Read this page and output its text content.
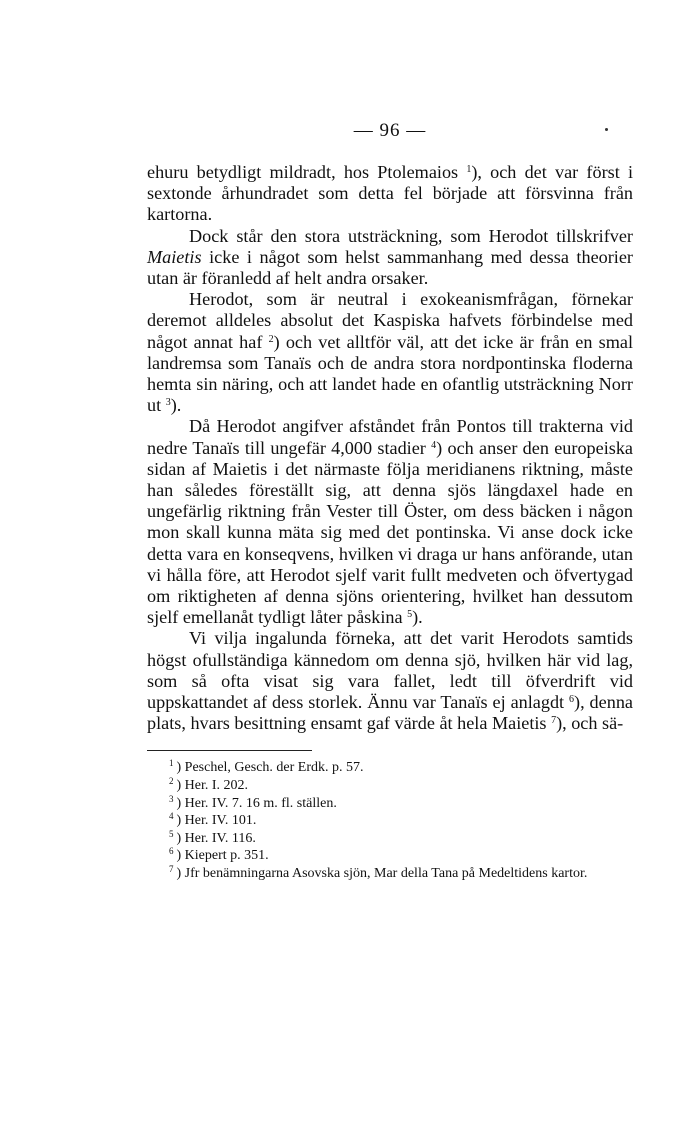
— 96 —

ehuru betydligt mildradt, hos Ptolemaios $^1$), och det var först i sextonde århundradet som detta fel började att försvinna från kartorna.

Dock står den stora utsträckning, som Herodot tillskrifver Maietis icke i något som helst sammanhang med dessa theorier utan är föranledd af helt andra orsaker.

Herodot, som är neutral i exokeanismfrågan, förnekar deremot alldeles absolut det Kaspiska hafvets förbindelse med något annat haf $^2$) och vet alltför väl, att det icke är från en smal landremsa som Tanaïs och de andra stora nordpontinska floderna hemta sin näring, och att landet hade en ofantlig utsträckning Norr ut $^3$).

Då Herodot angifver afståndet från Pontos till trakterna vid nedre Tanaïs till ungefär 4,000 stadier $^4$) och anser den europeiska sidan af Maietis i det närmaste följa meridianens riktning, måste han således föreställt sig, att denna sjös längdaxel hade en ungefärlig riktning från Vester till Öster, om dess bäcken i någon mon skall kunna mäta sig med det pontinska. Vi anse dock icke detta vara en konseqvens, hvilken vi draga ur hans anförande, utan vi hålla före, att Herodot sjelf varit fullt medveten och öfvertygad om riktigheten af denna sjöns orientering, hvilket han dessutom sjelf emellanåt tydligt låter påskina $^5$).

Vi vilja ingalunda förneka, att det varit Herodots samtids högst ofullständiga kännedom om denna sjö, hvilken här vid lag, som så ofta visat sig vara fallet, ledt till öfverdrift vid uppskattandet af dess storlek. Ännu var Tanaïs ej anlagdt $^6$), denna plats, hvars besittning ensamt gaf värde åt hela Maietis $^7$), och sä-

$^1$ ) Peschel, Gesch. der Erdk. p. 57.

$^2$ ) Her. I. 202.

$^3$ ) Her. IV. 7. 16 m. fl. ställen.

$^4$ ) Her. IV. 101.

$^5$ ) Her. IV. 116.

$^6$ ) Kiepert p. 351.

$^7$ ) Jfr benämningarna Asovska sjön, Mar della Tana på Medeltidens kartor.
